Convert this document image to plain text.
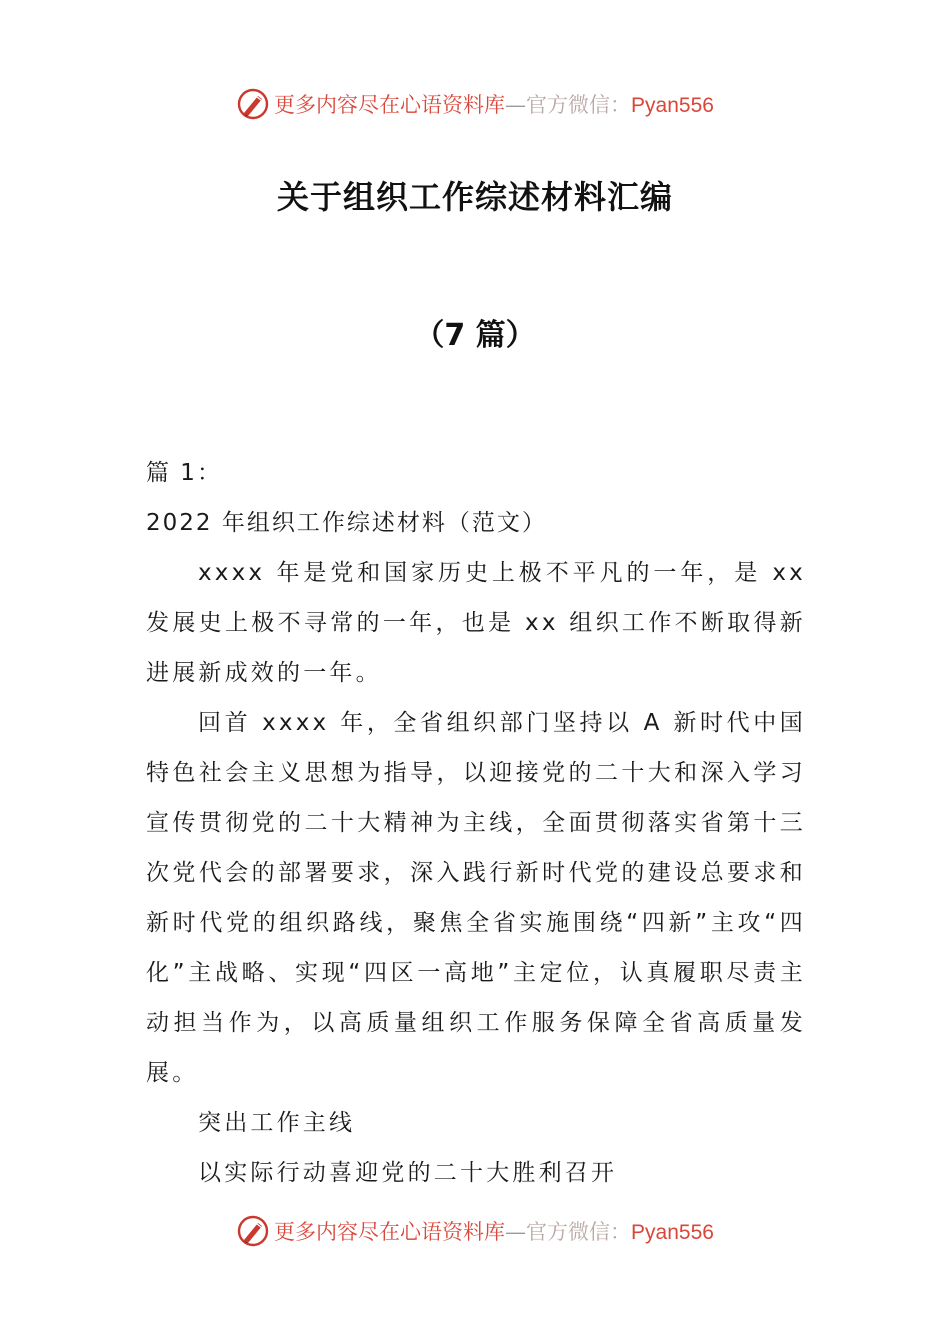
更多内容尽在心语资料库—官方微信：Pyan556
关于组织工作综述材料汇编
（7 篇）

篇 1：

2022 年组织工作综述材料（范文）

xxxx 年是党和国家历史上极不平凡的一年，是 xx 发展史上极不寻常的一年，也是 xx 组织工作不断取得新进展新成效的一年。

回首 xxxx 年，全省组织部门坚持以 A 新时代中国特色社会主义思想为指导，以迎接党的二十大和深入学习宣传贯彻党的二十大精神为主线，全面贯彻落实省第十三次党代会的部署要求，深入践行新时代党的建设总要求和新时代党的组织路线，聚焦全省实施围绕“四新”主攻“四化”主战略、实现“四区一高地”主定位，认真履职尽责主动担当作为，以高质量组织工作服务保障全省高质量发展。

突出工作主线

以实际行动喜迎党的二十大胜利召开

更多内容尽在心语资料库—官方微信：Pyan556
